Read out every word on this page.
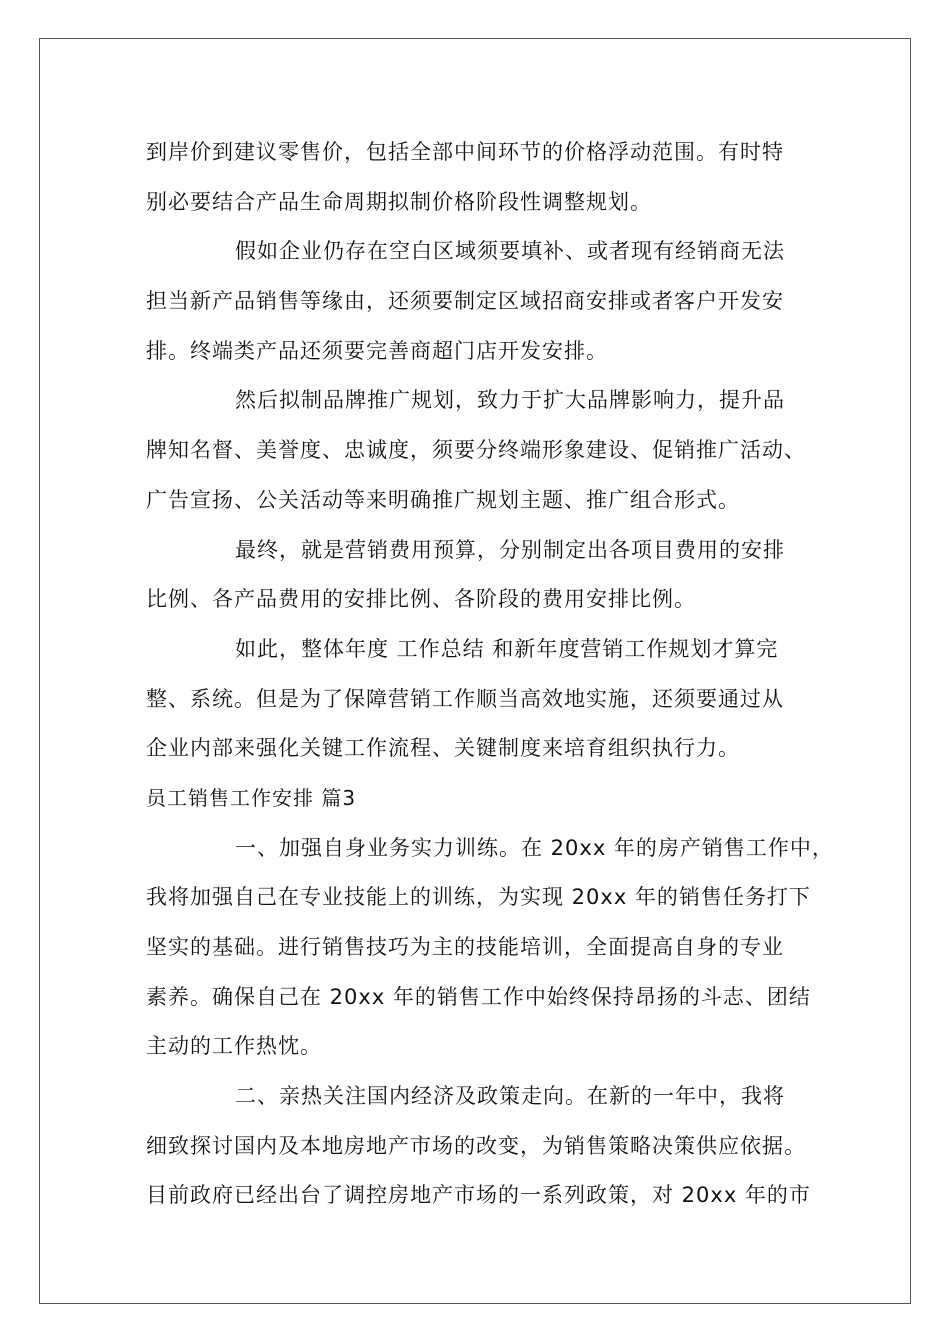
到岸价到建议零售价，包括全部中间环节的价格浮动范围。有时特
别必要结合产品生命周期拟制价格阶段性调整规划。
假如企业仍存在空白区域须要填补、或者现有经销商无法
担当新产品销售等缘由，还须要制定区域招商安排或者客户开发安
排。终端类产品还须要完善商超门店开发安排。
然后拟制品牌推广规划，致力于扩大品牌影响力，提升品
牌知名督、美誉度、忠诚度，须要分终端形象建设、促销推广活动、
广告宣扬、公关活动等来明确推广规划主题、推广组合形式。
最终，就是营销费用预算，分别制定出各项目费用的安排
比例、各产品费用的安排比例、各阶段的费用安排比例。
如此，整体年度 工作总结 和新年度营销工作规划才算完
整、系统。但是为了保障营销工作顺当高效地实施，还须要通过从
企业内部来强化关键工作流程、关键制度来培育组织执行力。
员工销售工作安排 篇3
一、加强自身业务实力训练。在 20xx 年的房产销售工作中，
我将加强自己在专业技能上的训练，为实现 20xx 年的销售任务打下
坚实的基础。进行销售技巧为主的技能培训，全面提高自身的专业
素养。确保自己在 20xx 年的销售工作中始终保持昂扬的斗志、团结
主动的工作热忱。
二、亲热关注国内经济及政策走向。在新的一年中，我将
细致探讨国内及本地房地产市场的改变，为销售策略决策供应依据。
目前政府已经出台了调控房地产市场的一系列政策，对 20xx 年的市
